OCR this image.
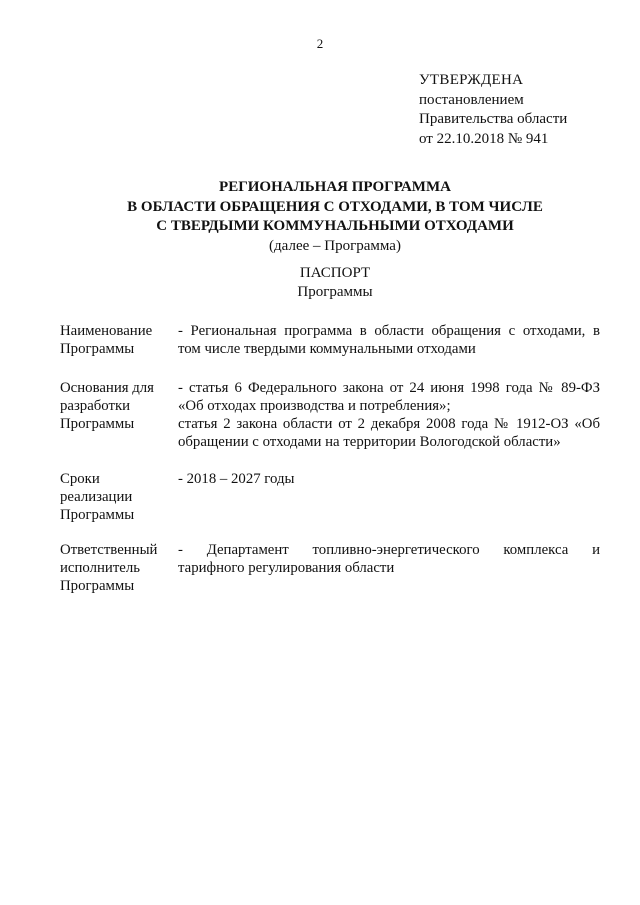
2
УТВЕРЖДЕНА
постановлением
Правительства области
от 22.10.2018 № 941
РЕГИОНАЛЬНАЯ ПРОГРАММА
В ОБЛАСТИ ОБРАЩЕНИЯ С ОТХОДАМИ, В ТОМ ЧИСЛЕ
С ТВЕРДЫМИ КОММУНАЛЬНЫМИ ОТХОДАМИ
(далее – Программа)
ПАСПОРТ
Программы
Наименование
Программы
- Региональная программа в области обращения с отходами, в
том числе твердыми коммунальными отходами
Основания для
разработки
Программы
- статья 6 Федерального закона от 24 июня 1998 года № 89-ФЗ
«Об отходах производства и потребления»;
статья 2 закона области от 2 декабря 2008 года № 1912-ОЗ «Об
обращении с отходами на территории Вологодской области»
Сроки
реализации
Программы
- 2018 – 2027 годы
Ответственный
исполнитель
Программы
- Департамент топливно-энергетического комплекса и
тарифного регулирования области
